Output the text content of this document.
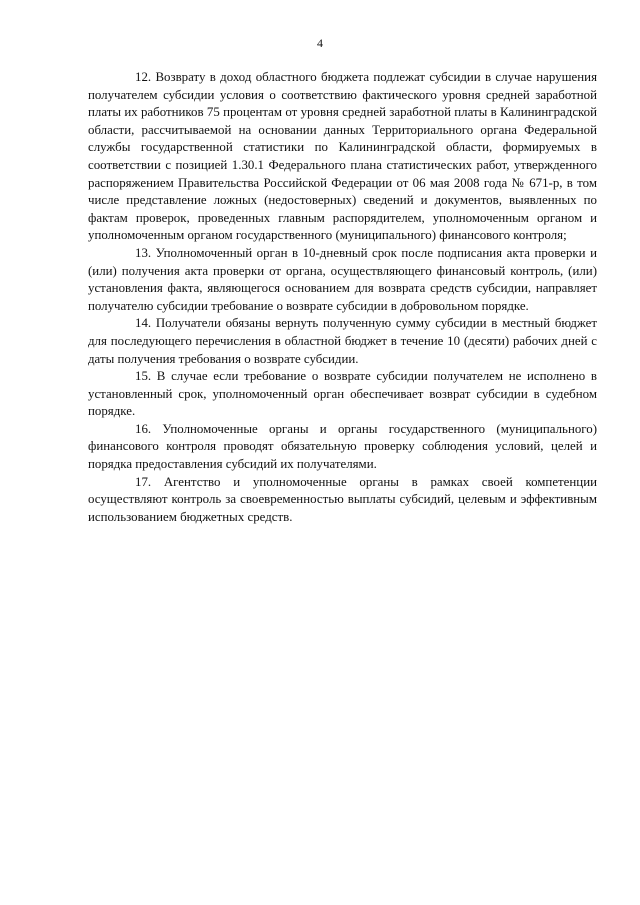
4

12. Возврату в доход областного бюджета подлежат субсидии в случае нарушения получателем субсидии условия о соответствию фактического уровня средней заработной платы их работников 75 процентам от уровня средней заработной платы в Калининградской области, рассчитываемой на основании данных Территориального органа Федеральной службы государственной статистики по Калининградской области, формируемых в соответствии с позицией 1.30.1 Федерального плана статистических работ, утвержденного распоряжением Правительства Российской Федерации от 06 мая 2008 года № 671-р, в том числе представление ложных (недостоверных) сведений и документов, выявленных по фактам проверок, проведенных главным распорядителем, уполномоченным органом и уполномоченным органом государственного (муниципального) финансового контроля;

13. Уполномоченный орган в 10-дневный срок после подписания акта проверки и (или) получения акта проверки от органа, осуществляющего финансовый контроль, (или) установления факта, являющегося основанием для возврата средств субсидии, направляет получателю субсидии требование о возврате субсидии в добровольном порядке.

14. Получатели обязаны вернуть полученную сумму субсидии в местный бюджет для последующего перечисления в областной бюджет в течение 10 (десяти) рабочих дней с даты получения требования о возврате субсидии.

15. В случае если требование о возврате субсидии получателем не исполнено в установленный срок, уполномоченный орган обеспечивает возврат субсидии в судебном порядке.

16. Уполномоченные органы и органы государственного (муниципального) финансового контроля проводят обязательную проверку соблюдения условий, целей и порядка предоставления субсидий их получателями.

17. Агентство и уполномоченные органы в рамках своей компетенции осуществляют контроль за своевременностью выплаты субсидий, целевым и эффективным использованием бюджетных средств.
